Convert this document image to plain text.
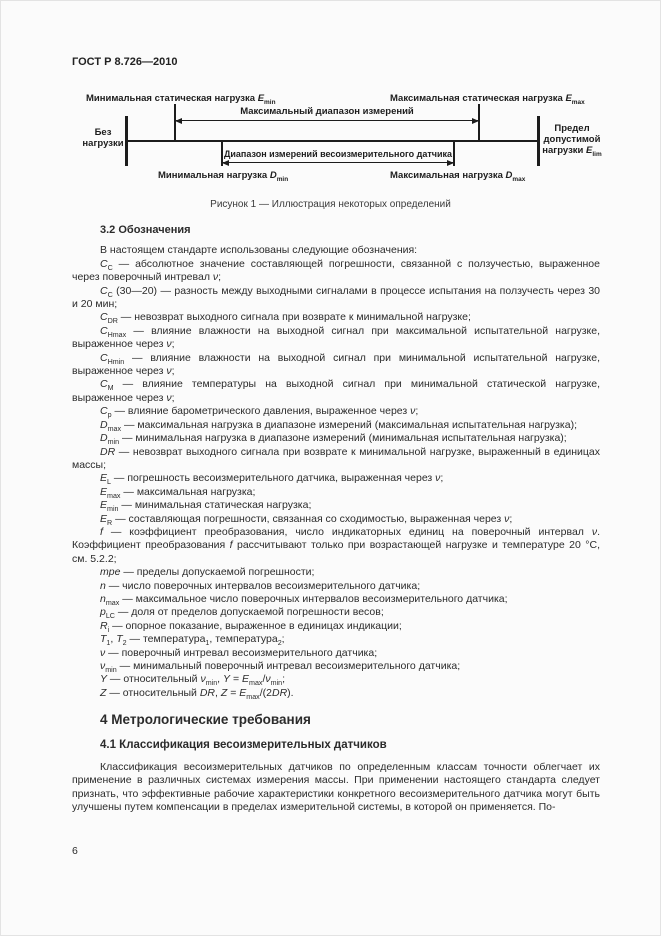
ГОСТ Р 8.726—2010
Минимальная статическая нагрузка $E_{min}$	Максимальная статическая нагрузка $E_{max}$
Максимальный диапазон измерений
Без нагрузки
Предел допустимой нагрузки $E_{lim}$
Диапазон измерений весоизмерительного датчика
Минимальная нагрузка $D_{min}$	Максимальная нагрузка $D_{max}$
Рисунок 1 — Иллюстрация некоторых определений
3.2 Обозначения

В настоящем стандарте использованы следующие обозначения:

$C_C$ — абсолютное значение составляющей погрешности, связанной с ползучестью, выраженное через поверочный интревал ν;

$C_C$ (30—20) — разность между выходными сигналами в процессе испытания на ползучесть через 30 и 20 мин;

$C_{DR}$ — невозврат выходного сигнала при возврате к минимальной нагрузке;

$C_{Hmax}$ — влияние влажности на выходной сигнал при максимальной испытательной нагрузке, выраженное через ν;

$C_{Hmin}$ — влияние влажности на выходной сигнал при минимальной испытательной нагрузке, выраженное через ν;

$C_M$ — влияние температуры на выходной сигнал при минимальной статической нагрузке, выраженное через ν;

$C_p$ — влияние барометрического давления, выраженное через ν;

$D_{max}$ — максимальная нагрузка в диапазоне измерений (максимальная испытательная нагрузка);

$D_{min}$ — минимальная нагрузка в диапазоне измерений (минимальная испытательная нагрузка);

DR — невозврат выходного сигнала при возврате к минимальной нагрузке, выраженный в единицах массы;

$E_L$ — погрешность весоизмерительного датчика, выраженная через ν;

$E_{max}$ — максимальная нагрузка;

$E_{min}$ — минимальная статическая нагрузка;

$E_R$ — составляющая погрешности, связанная со сходимостью, выраженная через ν;

f — коэффициент преобразования, число индикаторных единиц на поверочный интервал ν. Коэффициент преобразования f рассчитывают только при возрастающей нагрузке и температуре 20 °С, см. 5.2.2;

mpe — пределы допускаемой погрешности;

n — число поверочных интервалов весоизмерительного датчика;

$n_{max}$ — максимальное число поверочных интервалов весоизмерительного датчика;

$p_{LC}$ — доля от пределов допускаемой погрешности весов;

$R_i$ — опорное показание, выраженное в единицах индикации;

$T_1$, $T_2$ — температура$_1$, температура$_2$;

ν — поверочный интревал весоизмерительного датчика;

$\nu_{min}$ — минимальный поверочный интревал весоизмерительного датчика;

Y — относительный $\nu_{min}$, $Y = E_{max}/\nu_{min}$;

Z — относительный DR, $Z = E_{max}/(2DR)$.

4 Метрологические требования
4.1 Классификация весоизмерительных датчиков

Классификация весоизмерительных датчиков по определенным классам точности облегчает их применение в различных системах измерения массы. При применении настоящего стандарта следует признать, что эффективные рабочие характеристики конкретного весоизмерительного датчика могут быть улучшены путем компенсации в пределах измерительной системы, в которой он применяется. По-

6
